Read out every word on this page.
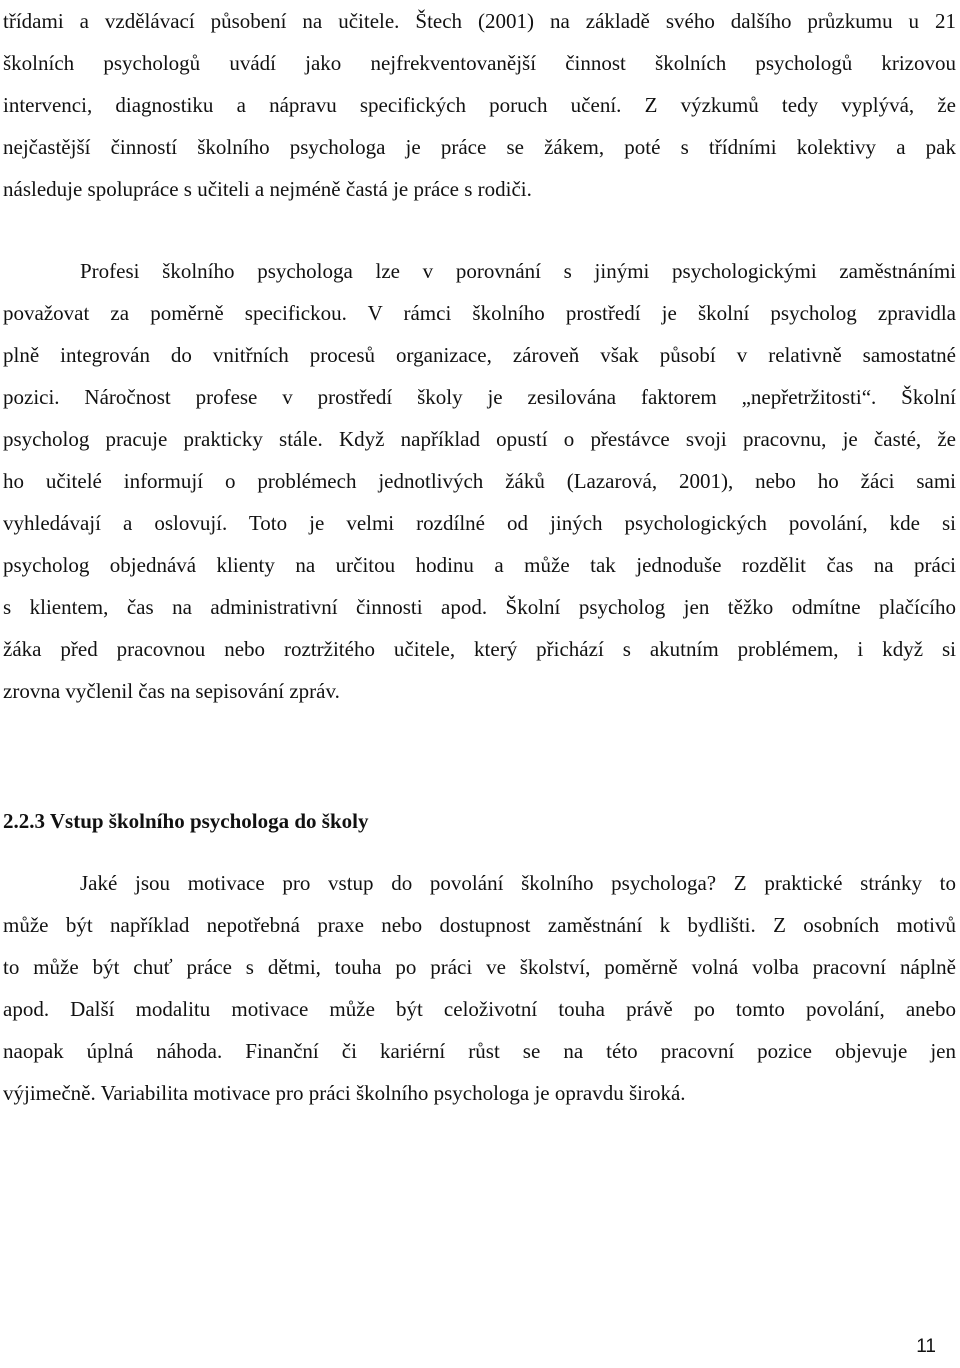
třídami a vzdělávací působení na učitele. Štech (2001) na základě svého dalšího průzkumu u 21
školních psychologů uvádí jako nejfrekventovanější činnost školních psychologů krizovou
intervenci, diagnostiku a nápravu specifických poruch učení. Z výzkumů tedy vyplývá, že
nejčastější činností školního psychologa je práce se žákem, poté s třídními kolektivy a pak
následuje spolupráce s učiteli a nejméně častá je práce s rodiči.
Profesi školního psychologa lze v porovnání s jinými psychologickými zaměstnáními
považovat za poměrně specifickou. V rámci školního prostředí je školní psycholog zpravidla
plně integrován do vnitřních procesů organizace, zároveň však působí v relativně samostatné
pozici. Náročnost profese v prostředí školy je zesilována faktorem „nepřetržitosti“. Školní
psycholog pracuje prakticky stále. Když například opustí o přestávce svoji pracovnu, je časté, že
ho učitelé informují o problémech jednotlivých žáků (Lazarová, 2001), nebo ho žáci sami
vyhledávají a oslovují. Toto je velmi rozdílné od jiných psychologických povolání, kde si
psycholog objednává klienty na určitou hodinu a může tak jednoduše rozdělit čas na práci
s klientem, čas na administrativní činnosti apod. Školní psycholog jen těžko odmítne plačícího
žáka před pracovnou nebo roztržitého učitele, který přichází s akutním problémem, i když si
zrovna vyčlenil čas na sepisování zpráv.
2.2.3 Vstup školního psychologa do školy
Jaké jsou motivace pro vstup do povolání školního psychologa? Z praktické stránky to
může být například nepotřebná praxe nebo dostupnost zaměstnání k bydlišti. Z osobních motivů
to může být chuť práce s dětmi, touha po práci ve školství, poměrně volná volba pracovní náplně
apod. Další modalitu motivace může být celoživotní touha právě po tomto povolání, anebo
naopak úplná náhoda. Finanční či kariérní růst se na této pracovní pozice objevuje jen
výjimečně. Variabilita motivace pro práci školního psychologa je opravdu široká.
11
